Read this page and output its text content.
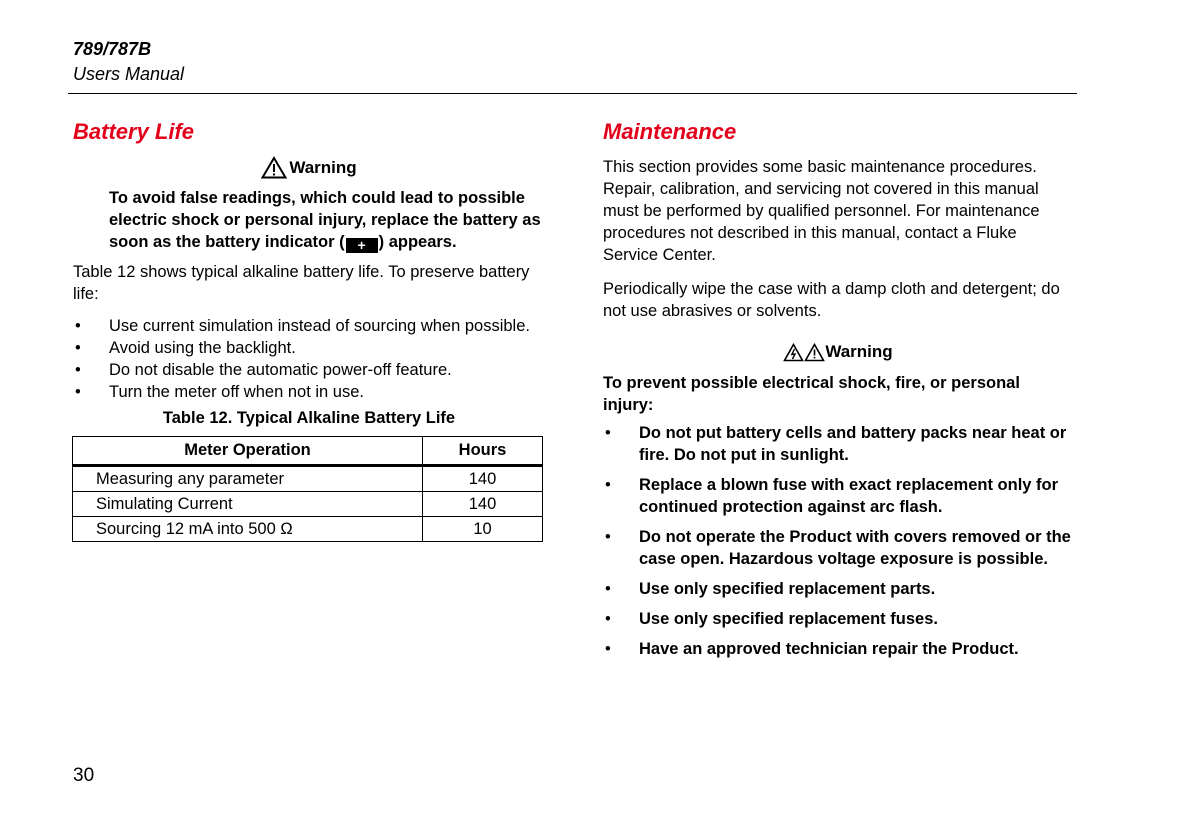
789/787B
Users Manual
Battery Life
Warning
To avoid false readings, which could lead to possible electric shock or personal injury, replace the battery as soon as the battery indicator ( + ) appears.

Table 12 shows typical alkaline battery life. To preserve battery life:

• Use current simulation instead of sourcing when possible.
• Avoid using the backlight.
• Do not disable the automatic power-off feature.
• Turn the meter off when not in use.
Table 12. Typical Alkaline Battery Life
Meter Operation	Hours
Measuring any parameter	140
Simulating Current	140
Sourcing 12 mA into 500 Ω	10
Maintenance

This section provides some basic maintenance procedures. Repair, calibration, and servicing not covered in this manual must be performed by qualified personnel. For maintenance procedures not described in this manual, contact a Fluke Service Center.

Periodically wipe the case with a damp cloth and detergent; do not use abrasives or solvents.

Warning
To prevent possible electrical shock, fire, or personal injury:
• Do not put battery cells and battery packs near heat or fire. Do not put in sunlight.
• Replace a blown fuse with exact replacement only for continued protection against arc flash.
• Do not operate the Product with covers removed or the case open. Hazardous voltage exposure is possible.
• Use only specified replacement parts.
• Use only specified replacement fuses.
• Have an approved technician repair the Product.
30
